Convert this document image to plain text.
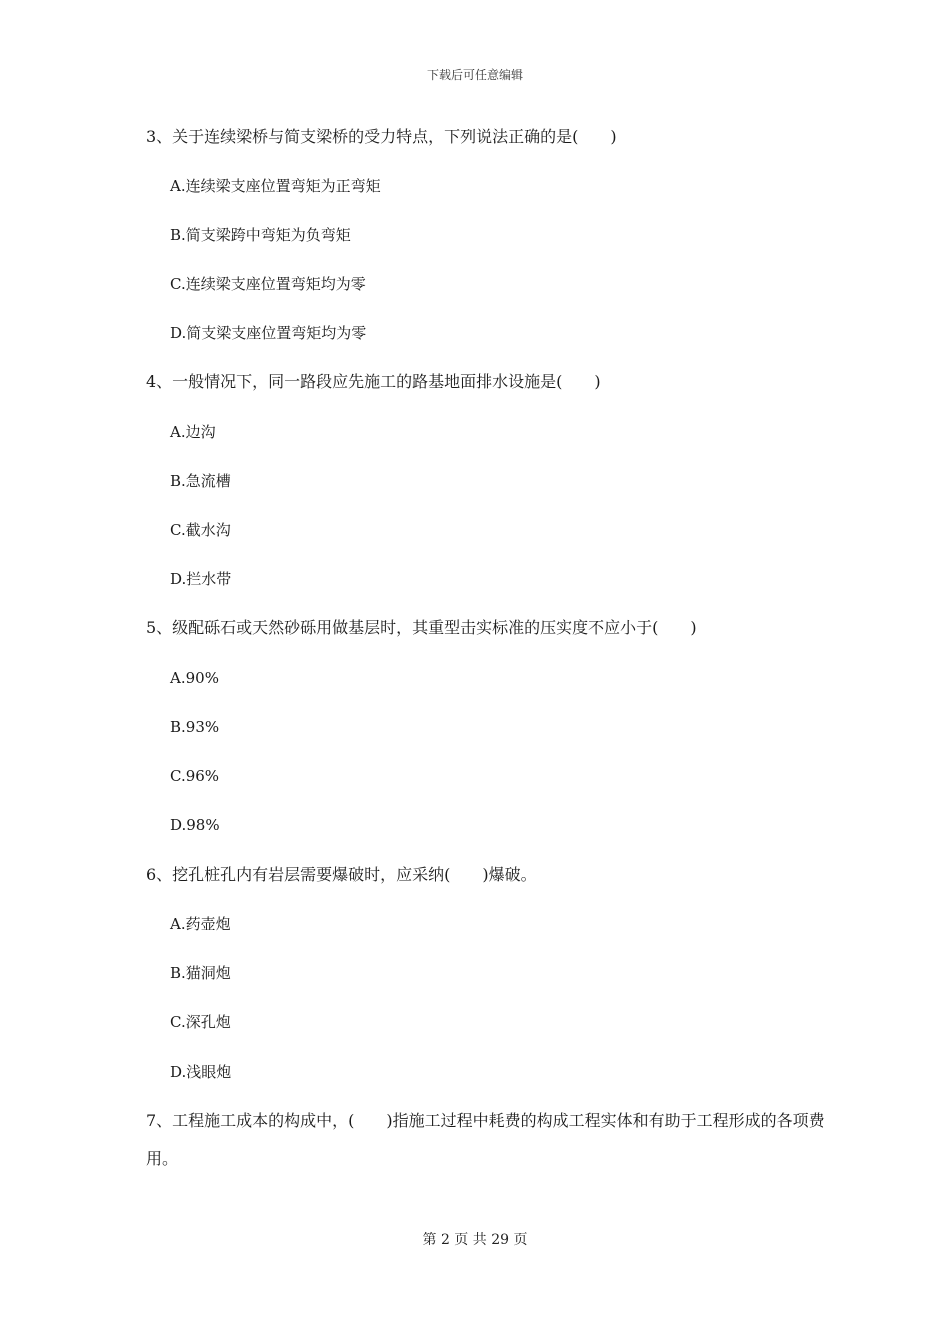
下载后可任意编辑
3、关于连续梁桥与简支梁桥的受力特点，下列说法正确的是(　　)
A.连续梁支座位置弯矩为正弯矩
B.简支梁跨中弯矩为负弯矩
C.连续梁支座位置弯矩均为零
D.简支梁支座位置弯矩均为零
4、一般情况下，同一路段应先施工的路基地面排水设施是(　　)
A.边沟
B.急流槽
C.截水沟
D.拦水带
5、级配砾石或天然砂砾用做基层时，其重型击实标准的压实度不应小于(　　)
A.90%
B.93%
C.96%
D.98%
6、挖孔桩孔内有岩层需要爆破时，应采纳(　　)爆破。
A.药壶炮
B.猫洞炮
C.深孔炮
D.浅眼炮
7、工程施工成本的构成中，(　　)指施工过程中耗费的构成工程实体和有助于工程形成的各项费用。
第 2 页 共 29 页
